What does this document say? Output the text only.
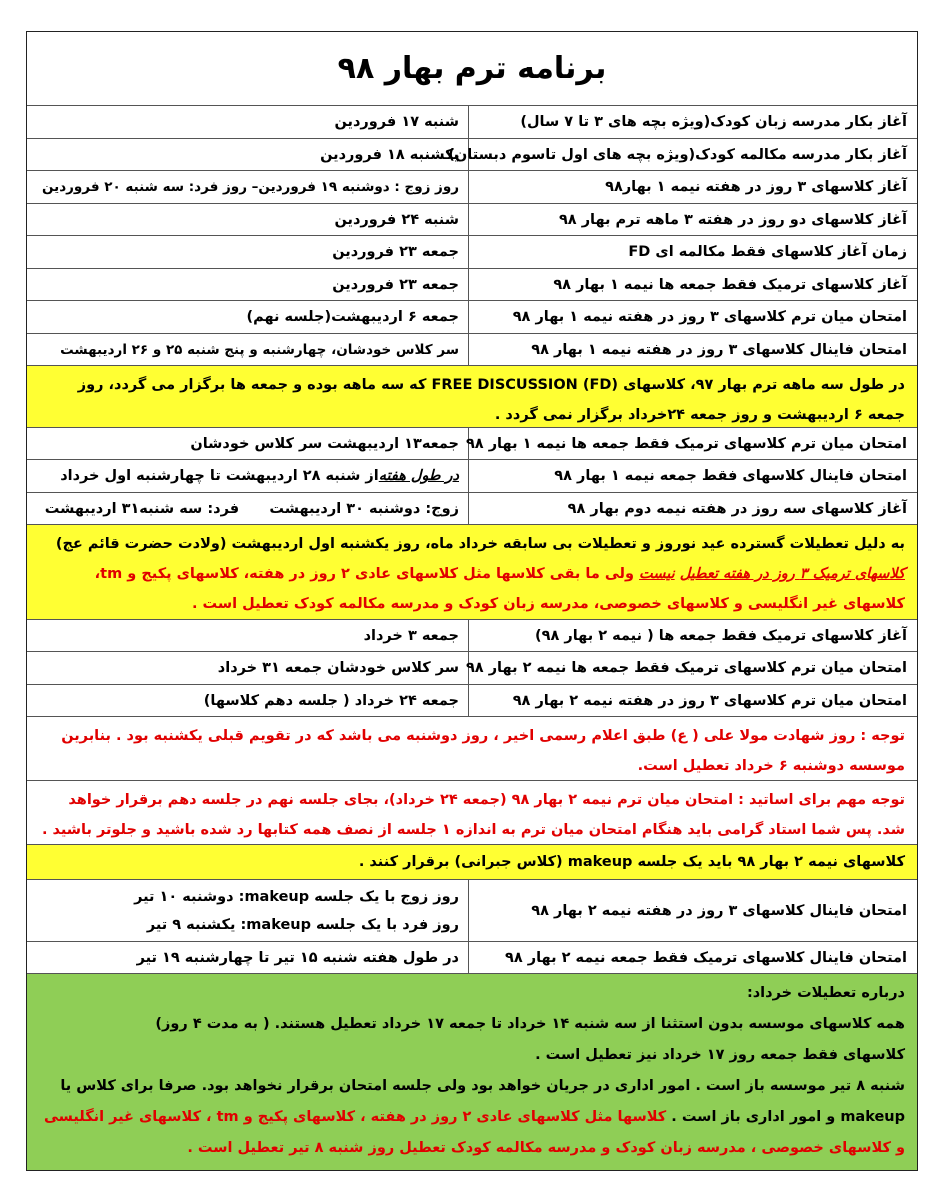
برنامه ترم بهار ۹۸
آغاز بکار مدرسه زبان کودک(ویژه بچه های ۳ تا ۷ سال)
شنبه ۱۷ فروردین
آغاز بکار مدرسه مکالمه کودک(ویژه بچه های اول تاسوم دبستان)
یکشنبه ۱۸ فروردین
آغاز کلاسهای ۳ روز در هفته نیمه ۱ بهار۹۸
روز زوج : دوشنبه ۱۹ فروردین– روز فرد: سه شنبه ۲۰ فروردین
آغاز کلاسهای دو روز در هفته ۳ ماهه ترم بهار ۹۸
شنبه ۲۴ فروردین
زمان آغاز کلاسهای فقط مکالمه ای FD
جمعه ۲۳ فروردین
آغاز کلاسهای ترمیک فقط جمعه ها نیمه ۱ بهار ۹۸
جمعه ۲۳ فروردین
امتحان میان ترم کلاسهای ۳ روز در هفته نیمه ۱ بهار ۹۸
جمعه ۶ اردیبهشت(جلسه نهم)
امتحان فاینال کلاسهای ۳ روز در هفته نیمه ۱ بهار ۹۸
سر کلاس خودشان، چهارشنبه و پنج شنبه ۲۵ و ۲۶ اردیبهشت
در طول سه ماهه ترم بهار ۹۷، کلاسهای FREE DISCUSSION (FD) که سه ماهه بوده و جمعه ها برگزار می گردد، روز جمعه ۶ اردیبهشت و روز جمعه ۲۴خرداد برگزار نمی گردد .
امتحان میان ترم کلاسهای ترمیک فقط جمعه ها نیمه ۱ بهار ۹۸
جمعه۱۳ اردیبهشت سر کلاس خودشان
امتحان فاینال کلاسهای فقط جمعه نیمه ۱ بهار ۹۸
در طول هفته
از شنبه ۲۸ اردیبهشت تا چهارشنبه اول خرداد
آغاز کلاسهای سه روز در هفته نیمه دوم بهار ۹۸
زوج: دوشنبه ۳۰ اردیبهشت      فرد: سه شنبه۳۱ اردیبهشت
به دلیل تعطیلات گسترده عید نوروز و تعطیلات بی سابقه خرداد ماه، روز یکشنبه اول اردیبهشت (ولادت حضرت قائم عج) کلاسهای ترمیک ۳ روز در هفته تعطیل نیست ولی ما بقی کلاسها مثل کلاسهای عادی ۲ روز در هفته، کلاسهای پکیج و tm، کلاسهای غیر انگلیسی و کلاسهای خصوصی، مدرسه زبان کودک و مدرسه مکالمه کودک تعطیل است .
آغاز کلاسهای ترمیک فقط جمعه ها ( نیمه ۲ بهار ۹۸)
جمعه ۳ خرداد
امتحان میان ترم کلاسهای ترمیک فقط جمعه ها نیمه ۲ بهار ۹۸
سر کلاس خودشان جمعه ۳۱ خرداد
امتحان میان ترم کلاسهای ۳ روز در هفته نیمه ۲ بهار ۹۸
جمعه ۲۴ خرداد ( جلسه دهم کلاسها)
توجه : روز شهادت مولا علی ( ع) طبق اعلام رسمی اخیر ، روز دوشنبه می باشد که در تقویم قبلی یکشنبه بود . بنابرین موسسه دوشنبه ۶ خرداد تعطیل است.
توجه مهم برای اساتید : امتحان میان ترم نیمه ۲ بهار ۹۸ (جمعه ۲۴ خرداد)، بجای جلسه نهم در جلسه دهم برقرار خواهد شد. پس شما استاد گرامی باید هنگام امتحان میان ترم به اندازه ۱ جلسه از نصف همه کتابها رد شده باشید و جلوتر باشید .
کلاسهای نیمه ۲ بهار ۹۸ باید یک جلسه makeup (کلاس جبرانی) برقرار کنند .
امتحان فاینال کلاسهای ۳ روز در هفته نیمه ۲ بهار ۹۸
روز زوج با یک جلسه makeup: دوشنبه ۱۰ تیر
روز فرد با یک جلسه makeup: یکشنبه ۹ تیر
امتحان فاینال کلاسهای ترمیک فقط جمعه نیمه ۲ بهار ۹۸
در طول هفته شنبه ۱۵ تیر تا چهارشنبه ۱۹ تیر
درباره تعطیلات خرداد:
همه کلاسهای موسسه بدون استثنا از سه شنبه ۱۴ خرداد تا جمعه ۱۷ خرداد تعطیل هستند. ( به مدت ۴ روز)
کلاسهای فقط جمعه روز ۱۷ خرداد نیز تعطیل است .
شنبه ۸ تیر موسسه باز است . امور اداری در جریان خواهد بود ولی جلسه امتحان برقرار نخواهد بود. صرفا برای کلاس یا makeup و امور اداری باز است . کلاسها مثل کلاسهای عادی ۲ روز در هفته ، کلاسهای پکیج و tm ، کلاسهای غیر انگلیسی و کلاسهای خصوصی ، مدرسه زبان کودک و مدرسه مکالمه کودک تعطیل روز شنبه ۸ تیر تعطیل است .
